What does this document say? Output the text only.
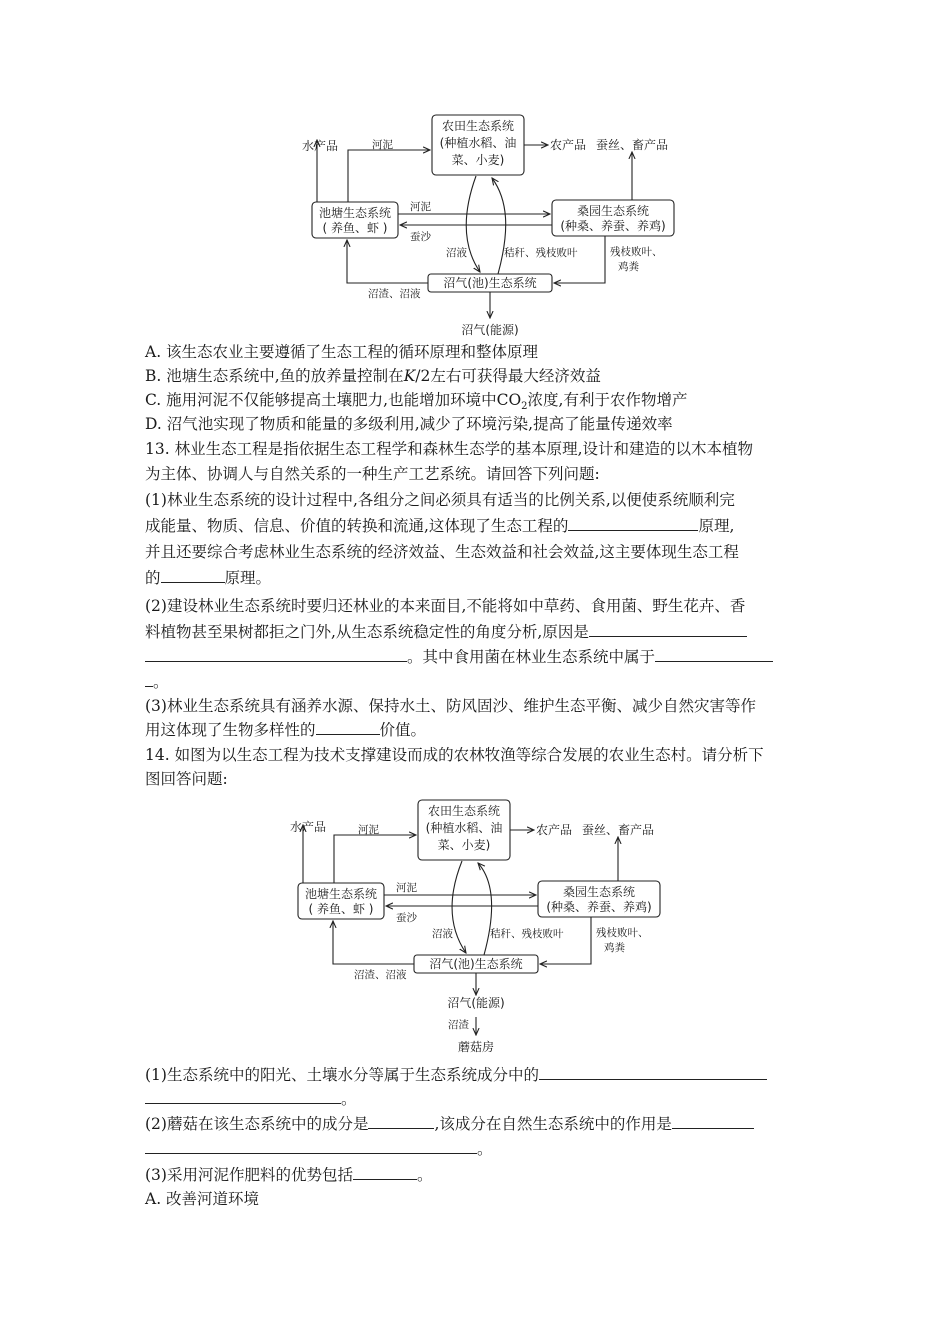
农田生态系统
(种植水稻、油
菜、小麦)
池塘生态系统
( 养鱼、虾 )
桑园生态系统
(种桑、养蚕、养鸡)
沼气(池)生态系统
水产品	农产品 蚕丝、畜产品
河泥
河泥
蚕沙
沼液	秸秆、残枝败叶	残枝败叶、
鸡粪
沼渣、沼液
沼气(能源)
A. 该生态农业主要遵循了生态工程的循环原理和整体原理
B. 池塘生态系统中,鱼的放养量控制在K/2左右可获得最大经济效益
C. 施用河泥不仅能够提高土壤肥力,也能增加环境中$CO_2$浓度,有利于农作物增产
D. 沼气池实现了物质和能量的多级利用,减少了环境污染,提高了能量传递效率
13. 林业生态工程是指依据生态工程学和森林生态学的基本原理,设计和建造的以木本植物
为主体、协调人与自然关系的一种生产工艺系统。请回答下列问题:
(1)林业生态系统的设计过程中,各组分之间必须具有适当的比例关系,以便使系统顺利完
成能量、物质、信息、价值的转换和流通,这体现了生态工程的	原理,
并且还要综合考虑林业生态系统的经济效益、生态效益和社会效益,这主要体现生态工程
的	原理。
(2)建设林业生态系统时要归还林业的本来面目,不能将如中草药、食用菌、野生花卉、香
料植物甚至果树都拒之门外,从生态系统稳定性的角度分析,原因是
。其中食用菌在林业生态系统中属于
。
(3)林业生态系统具有涵养水源、保持水土、防风固沙、维护生态平衡、减少自然灾害等作
用这体现了生物多样性的	价值。
14. 如图为以生态工程为技术支撑建设而成的农林牧渔等综合发展的农业生态村。请分析下
图回答问题:
农田生态系统
(种植水稻、油
菜、小麦)
池塘生态系统
( 养鱼、虾 )
桑园生态系统
(种桑、养蚕、养鸡)
沼气(池)生态系统
水产品	农产品 蚕丝、畜产品
沼气(能源)
蘑菇房
河泥
河泥
蚕沙
沼液	秸秆、残枝败叶	残枝败叶、
鸡粪
沼渣、沼液
沼渣
(1)生态系统中的阳光、土壤水分等属于生态系统成分中的
。
(2)蘑菇在该生态系统中的成分是	,该成分在自然生态系统中的作用是
。
(3)采用河泥作肥料的优势包括	。
A. 改善河道环境
